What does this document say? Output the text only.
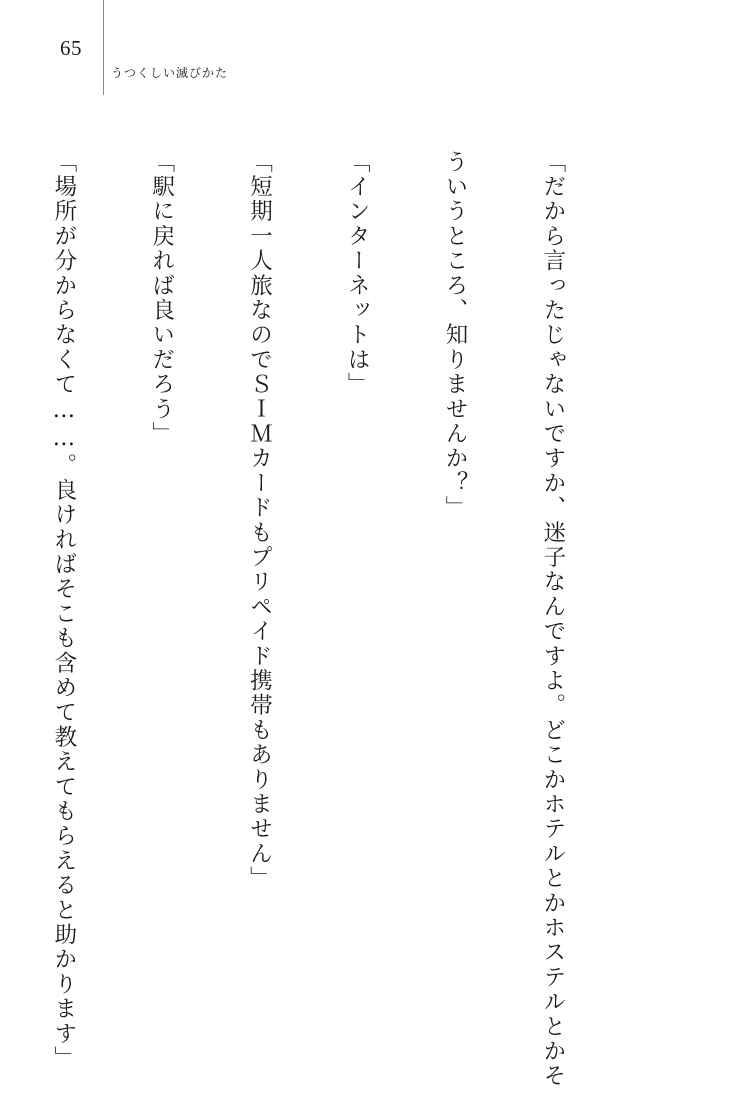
65
うつくしい滅びかた

「だから言ったじゃないですか、迷子なんですよ。どこかホテルとかホステルとかそ

ういうところ、知りませんか？」

「インターネットは」

「短期一人旅なのでＳＩＭカードもプリペイド携帯もありません」

「駅に戻れば良いだろう」

「場所が分からなくて……。良ければそこも含めて教えてもらえると助かります」
